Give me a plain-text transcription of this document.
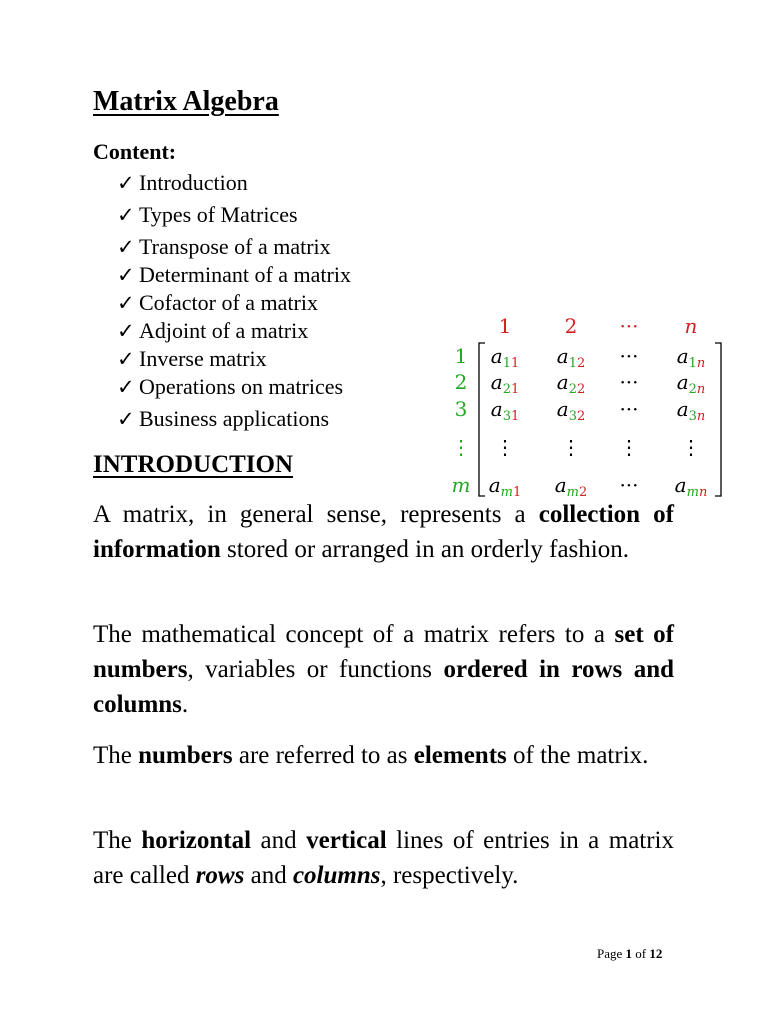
Matrix Algebra
Content:
✓ Introduction
✓ Types of Matrices
✓ Transpose of a matrix
✓ Determinant of a matrix
✓ Cofactor of a matrix
✓ Adjoint of a matrix
✓ Inverse matrix
✓ Operations on matrices
✓ Business applications
1	2 ··· n
1
2
3
⋮
m
$a_11$ $a_12$ ··· $a_1n$
$a_21$ $a_22$ ··· $a_2n$
$a_31$ $a_32$ ··· $a_3n$
⋮ ⋮ ⋮ ⋮
$a_m1$ $a_m2$ ··· $a_mn$
INTRODUCTION

A matrix, in general sense, represents a collection of information stored or arranged in an orderly fashion.

The mathematical concept of a matrix refers to a set of numbers, variables or functions ordered in rows and columns.

The numbers are referred to as elements of the matrix.

The horizontal and vertical lines of entries in a matrix are called rows and columns, respectively.

Page 1 of 12
